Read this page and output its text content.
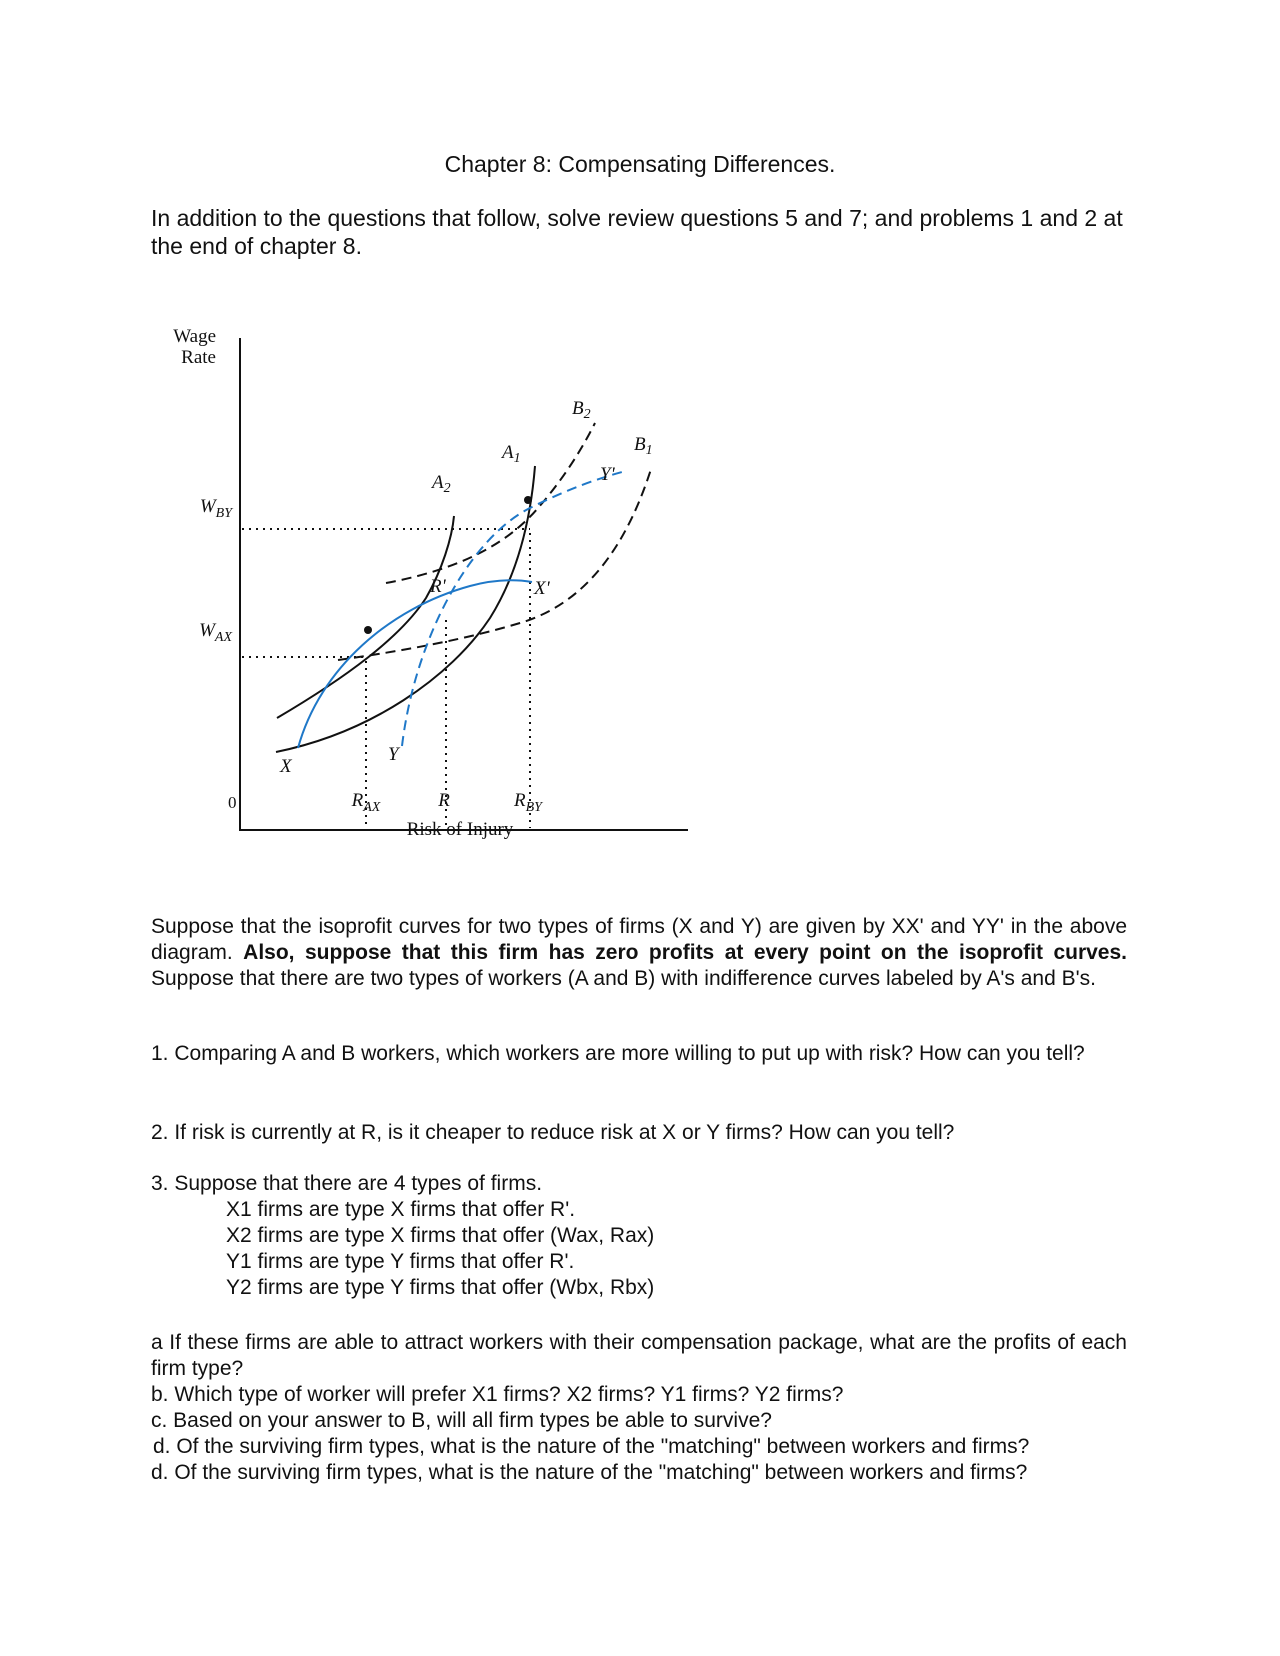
Chapter 8: Compensating Differences.
In addition to the questions that follow, solve review questions 5 and 7; and problems 1 and 2 at the end of chapter 8.
Wage
Rate
0
Risk of Injury
$W_{BY}$
$W_{AX}$
$R_{AX}$	R	$R_{BY}$
$A_2$
$A_1$
$B_2$
$B_1$
X
X'
Y
Y'
R'
Suppose that the isoprofit curves for two types of firms (X and Y) are given by XX' and YY' in the above diagram. Also, suppose that this firm has zero profits at every point on the isoprofit curves. Suppose that there are two types of workers (A and B) with indifference curves labeled by A's and B's.
1. Comparing A and B workers, which workers are more willing to put up with risk? How can you tell?
2. If risk is currently at R, is it cheaper to reduce risk at X or Y firms? How can you tell?
3. Suppose that there are 4 types of firms.
X1 firms are type X firms that offer R'.
X2 firms are type X firms that offer (Wax, Rax)
Y1 firms are type Y firms that offer R'.
Y2 firms are type Y firms that offer (Wbx, Rbx)
a If these firms are able to attract workers with their compensation package, what are the profits of each firm type?
b. Which type of worker will prefer X1 firms? X2 firms? Y1 firms? Y2 firms?
c. Based on your answer to B, will all firm types be able to survive?
d. Of the surviving firm types, what is the nature of the "matching" between workers and firms?
d. Of the surviving firm types, what is the nature of the "matching" between workers and firms?
